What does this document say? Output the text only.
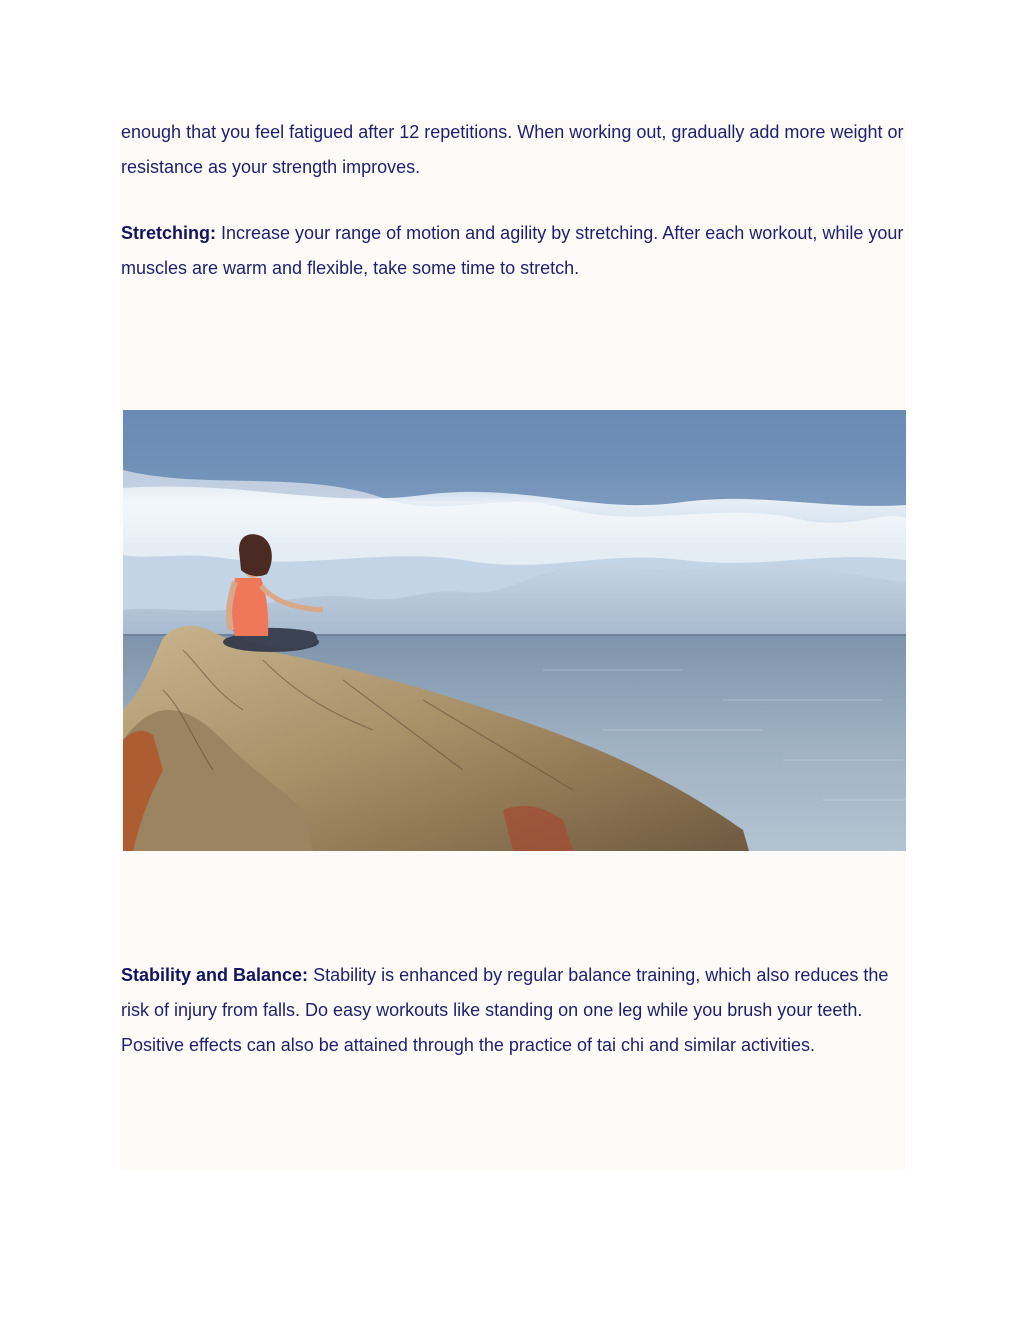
enough that you feel fatigued after 12 repetitions. When working out, gradually add more weight or resistance as your strength improves.

Stretching: Increase your range of motion and agility by stretching. After each workout, while your muscles are warm and flexible, take some time to stretch.

Stability and Balance: Stability is enhanced by regular balance training, which also reduces the risk of injury from falls. Do easy workouts like standing on one leg while you brush your teeth. Positive effects can also be attained through the practice of tai chi and similar activities.
